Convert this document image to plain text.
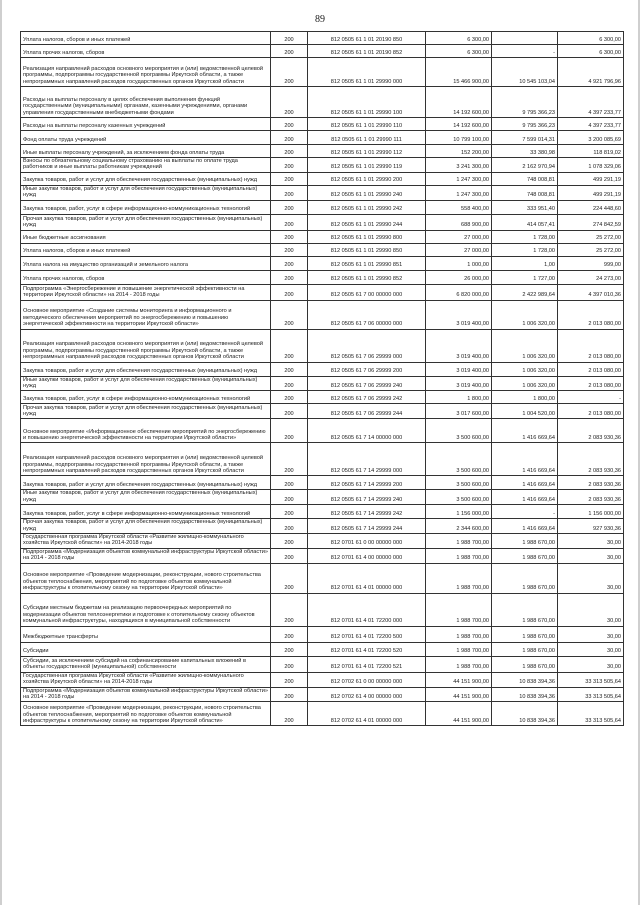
89
Уплата налогов, сборов и иных платежей	200	812 0505 61 1 01 20190 850	6 300,00		6 300,00
Уплата прочих налогов, сборов	200	812 0505 61 1 01 20190 852	6 300,00	-	6 300,00
Реализация направлений расходов основного мероприятия и (или) ведомственной целевой программы, подпрограммы государственной программы Иркутской области, а также непрограммных направлений расходов государственных органов Иркутской области	200	812 0505 61 1 01 29990 000	15 466 900,00	10 545 103,04	4 921 796,96
Расходы на выплаты персоналу в целях обеспечения выполнения функций государственными (муниципальными) органами, казенными учреждениями, органами управления государственными внебюджетными фондами	200	812 0505 61 1 01 29990 100	14 192 600,00	9 795 366,23	4 397 233,77
Расходы на выплаты персоналу казенных учреждений	200	812 0505 61 1 01 29990 110	14 192 600,00	9 795 366,23	4 397 233,77
Фонд оплаты труда учреждений	200	812 0505 61 1 01 29990 111	10 799 100,00	7 599 014,31	3 200 085,69
Иные выплаты персоналу учреждений, за исключением фонда оплаты труда	200	812 0505 61 1 01 29990 112	152 200,00	33 380,98	118 819,02
Взносы по обязательному социальному страхованию на выплаты по оплате труда работников и иные выплаты работникам учреждений	200	812 0505 61 1 01 29990 119	3 241 300,00	2 162 970,94	1 078 329,06
Закупка товаров, работ и услуг для обеспечения государственных (муниципальных) нужд	200	812 0505 61 1 01 29990 200	1 247 300,00	748 008,81	499 291,19
Иные закупки товаров, работ и услуг для обеспечения государственных (муниципальных) нужд	200	812 0505 61 1 01 29990 240	1 247 300,00	748 008,81	499 291,19
Закупка товаров, работ, услуг в сфере информационно-коммуникационных технологий	200	812 0505 61 1 01 29990 242	558 400,00	333 951,40	224 448,60
Прочая закупка товаров, работ и услуг для обеспечения государственных (муниципальных) нужд	200	812 0505 61 1 01 29990 244	688 900,00	414 057,41	274 842,59
Иные бюджетные ассигнования	200	812 0505 61 1 01 29990 800	27 000,00	1 728,00	25 272,00
Уплата налогов, сборов и иных платежей	200	812 0505 61 1 01 29990 850	27 000,00	1 728,00	25 272,00
Уплата налога на имущество организаций и земельного налога	200	812 0505 61 1 01 29990 851	1 000,00	1,00	999,00
Уплата прочих налогов, сборов	200	812 0505 61 1 01 29990 852	26 000,00	1 727,00	24 273,00
Подпрограмма «Энергосбережение и повышение энергетической эффективности на территории Иркутской области» на 2014 - 2018 годы	200	812 0505 61 7 00 00000 000	6 820 000,00	2 422 989,64	4 397 010,36
Основное мероприятие «Создание системы мониторинга и информационного и методического обеспечения мероприятий по энергосбережению и повышению энергетической эффективности на территории Иркутской области»	200	812 0505 61 7 06 00000 000	3 019 400,00	1 006 320,00	2 013 080,00
Реализация направлений расходов основного мероприятия и (или) ведомственной целевой программы, подпрограммы государственной программы Иркутской области, а также непрограммных направлений расходов государственных органов Иркутской области	200	812 0505 61 7 06 29999 000	3 019 400,00	1 006 320,00	2 013 080,00
Закупка товаров, работ и услуг для обеспечения государственных (муниципальных) нужд	200	812 0505 61 7 06 29999 200	3 019 400,00	1 006 320,00	2 013 080,00
Иные закупки товаров, работ и услуг для обеспечения государственных (муниципальных) нужд	200	812 0505 61 7 06 29999 240	3 019 400,00	1 006 320,00	2 013 080,00
Закупка товаров, работ, услуг в сфере информационно-коммуникационных технологий	200	812 0505 61 7 06 29999 242	1 800,00	1 800,00	-
Прочая закупка товаров, работ и услуг для обеспечения государственных (муниципальных) нужд	200	812 0505 61 7 06 29999 244	3 017 600,00	1 004 520,00	2 013 080,00
Основное мероприятие «Информационное обеспечение мероприятий по энергосбережению и повышению энергетической эффективности на территории Иркутской области»	200	812 0505 61 7 14 00000 000	3 500 600,00	1 416 669,64	2 083 930,36
Реализация направлений расходов основного мероприятия и (или) ведомственной целевой программы, подпрограммы государственной программы Иркутской области, а также непрограммных направлений расходов государственных органов Иркутской области	200	812 0505 61 7 14 29999 000	3 500 600,00	1 416 669,64	2 083 930,36
Закупка товаров, работ и услуг для обеспечения государственных (муниципальных) нужд	200	812 0505 61 7 14 29999 200	3 500 600,00	1 416 669,64	2 083 930,36
Иные закупки товаров, работ и услуг для обеспечения государственных (муниципальных) нужд	200	812 0505 61 7 14 29999 240	3 500 600,00	1 416 669,64	2 083 930,36
Закупка товаров, работ, услуг в сфере информационно-коммуникационных технологий	200	812 0505 61 7 14 29999 242	1 156 000,00	-	1 156 000,00
Прочая закупка товаров, работ и услуг для обеспечения государственных (муниципальных) нужд	200	812 0505 61 7 14 29999 244	2 344 600,00	1 416 669,64	927 930,36
Государственная программа Иркутской области «Развитие жилищно-коммунального хозяйства Иркутской области» на 2014-2018 годы	200	812 0701 61 0 00 00000 000	1 988 700,00	1 988 670,00	30,00
Подпрограмма «Модернизация объектов коммунальной инфраструктуры Иркутской области» на 2014 - 2018 годы	200	812 0701 61 4 00 00000 000	1 988 700,00	1 988 670,00	30,00
Основное мероприятие «Проведение модернизации, реконструкции, нового строительства объектов теплоснабжения, мероприятий по подготовке объектов коммунальной инфраструктуры к отопительному сезону на территории Иркутской области»	200	812 0701 61 4 01 00000 000	1 988 700,00	1 988 670,00	30,00
Субсидии местным бюджетам на реализацию первоочередных мероприятий по модернизации объектов теплоэнергетики и подготовке к отопительному сезону объектов коммунальной инфраструктуры, находящихся в муниципальной собственности	200	812 0701 61 4 01 72200 000	1 988 700,00	1 988 670,00	30,00
Межбюджетные трансферты	200	812 0701 61 4 01 72200 500	1 988 700,00	1 988 670,00	30,00
Субсидии	200	812 0701 61 4 01 72200 520	1 988 700,00	1 988 670,00	30,00
Субсидии, за исключением субсидий на софинансирование капитальных вложений в объекты государственной (муниципальной) собственности	200	812 0701 61 4 01 72200 521	1 988 700,00	1 988 670,00	30,00
Государственная программа Иркутской области «Развитие жилищно-коммунального хозяйства Иркутской области» на 2014-2018 годы	200	812 0702 61 0 00 00000 000	44 151 900,00	10 838 394,36	33 313 505,64
Подпрограмма «Модернизация объектов коммунальной инфраструктуры Иркутской области» на 2014 - 2018 годы	200	812 0702 61 4 00 00000 000	44 151 900,00	10 838 394,36	33 313 505,64
Основное мероприятие «Проведение модернизации, реконструкции, нового строительства объектов теплоснабжения, мероприятий по подготовке объектов коммунальной инфраструктуры к отопительному сезону на территории Иркутской области»	200	812 0702 61 4 01 00000 000	44 151 900,00	10 838 394,36	33 313 505,64
